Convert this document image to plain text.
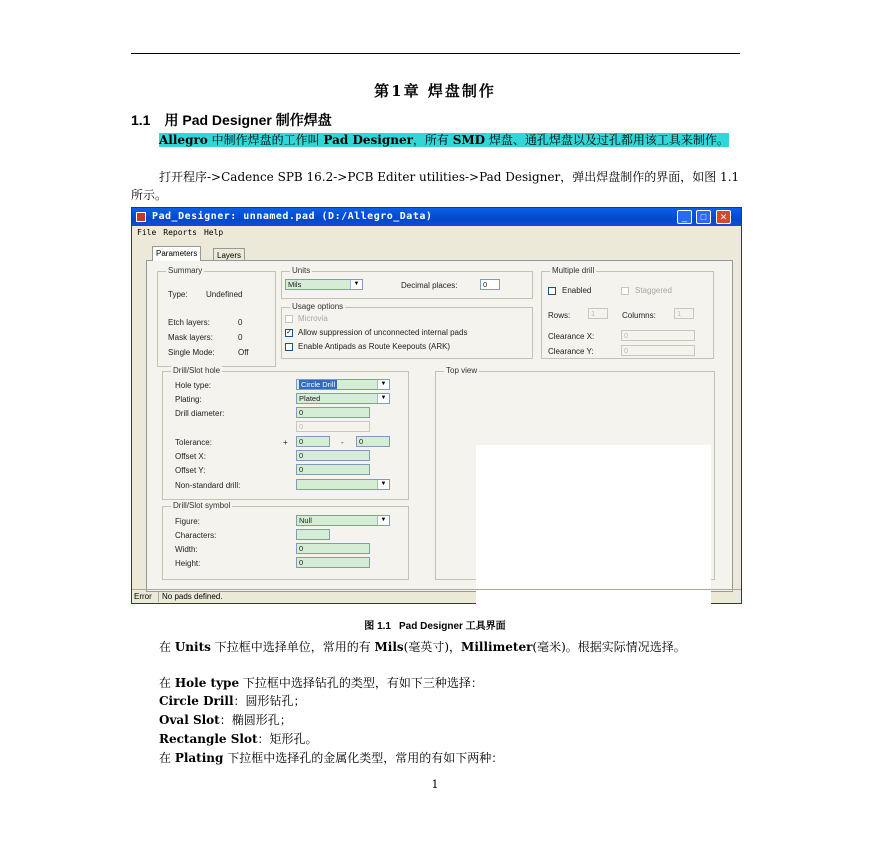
第1章 焊盘制作
1.1 用 Pad Designer 制作焊盘
Allegro 中制作焊盘的工作叫 Pad Designer，所有 SMD 焊盘、通孔焊盘以及过孔都用该工具来制作。
打开程序->Cadence SPB 16.2->PCB Editer utilities->Pad Designer，弹出焊盘制作的界面，如图 1.1 所示。
Pad_Designer: unnamed.pad (D:/Allegro_Data)	_	□	✕
File Reports Help
Parameters	Layers
Summary
Type: Undefined
Etch layers:	0
Mask layers:	0
Single Mode:	Off
Units
Mils	▼	Decimal places:	0
Usage options
Microvia
✓ Allow suppression of unconnected internal pads
Enable Antipads as Route Keepouts (ARK)
Multiple drill
Enabled	Staggered
Rows:	1	Columns:	1
Clearance X:	0
Clearance Y:	0
Drill/Slot hole
Hole type:	Circle Drill	▼
Plating:	Plated	▼
Drill diameter:	0
0
Tolerance:	+	0	-	0
Offset X:	0
Offset Y:	0
Non-standard drill:	▼
Drill/Slot symbol
Figure:	Null	▼
Characters:
Width:	0
Height:	0
Top view
Error No pads defined.
图 1.1 Pad Designer 工具界面
在 Units 下拉框中选择单位，常用的有 Mils(毫英寸)，Millimeter(毫米)。根据实际情况选择。
在 Hole type 下拉框中选择钻孔的类型，有如下三种选择：
Circle Drill：圆形钻孔；
Oval Slot：椭圆形孔；
Rectangle Slot：矩形孔。
在 Plating 下拉框中选择孔的金属化类型，常用的有如下两种：
1
